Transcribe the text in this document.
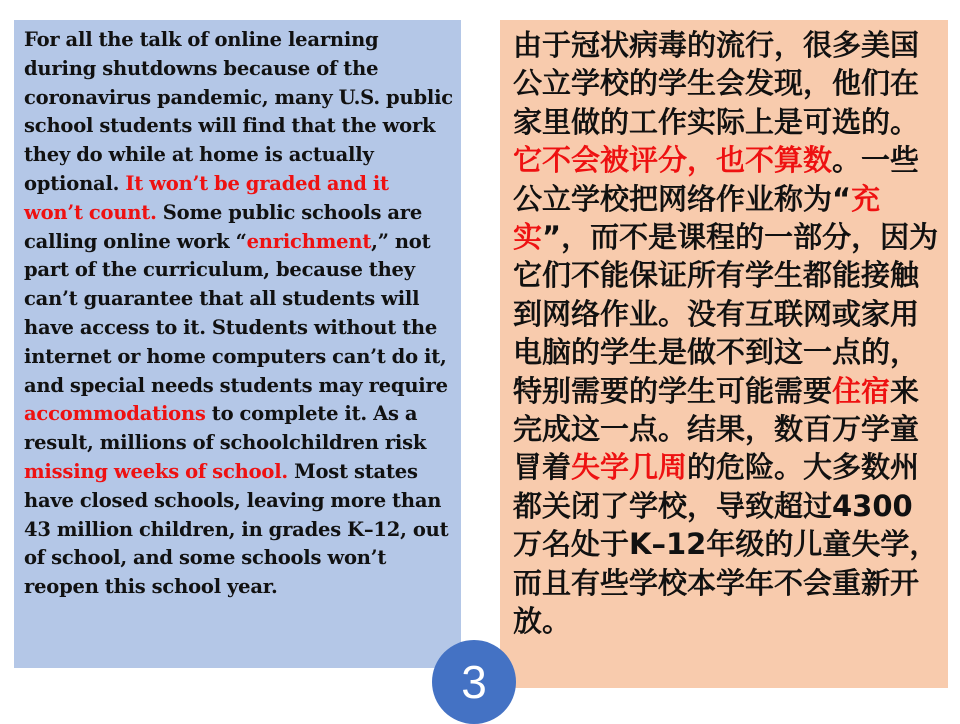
For all the talk of online learning during shutdowns because of the coronavirus pandemic, many U.S. public school students will find that the work they do while at home is actually optional. It won’t be graded and it won’t count. Some public schools are calling online work “enrichment,” not part of the curriculum, because they can’t guarantee that all students will have access to it. Students without the internet or home computers can’t do it, and special needs students may require accommodations to complete it. As a result, millions of schoolchildren risk missing weeks of school. Most states have closed schools, leaving more than 43 million children, in grades K–12, out of school, and some schools won’t reopen this school year.
由于冠状病毒的流行，很多美国公立学校的学生会发现，他们在家里做的工作实际上是可选的。它不会被评分，也不算数。一些公立学校把网络作业称为“充实”，而不是课程的一部分，因为它们不能保证所有学生都能接触到网络作业。没有互联网或家用电脑的学生是做不到这一点的，特别需要的学生可能需要住宿来完成这一点。结果，数百万学童冒着失学几周的危险。大多数州都关闭了学校，导致超过4300万名处于K–12年级的儿童失学，而且有些学校本学年不会重新开放。
3
